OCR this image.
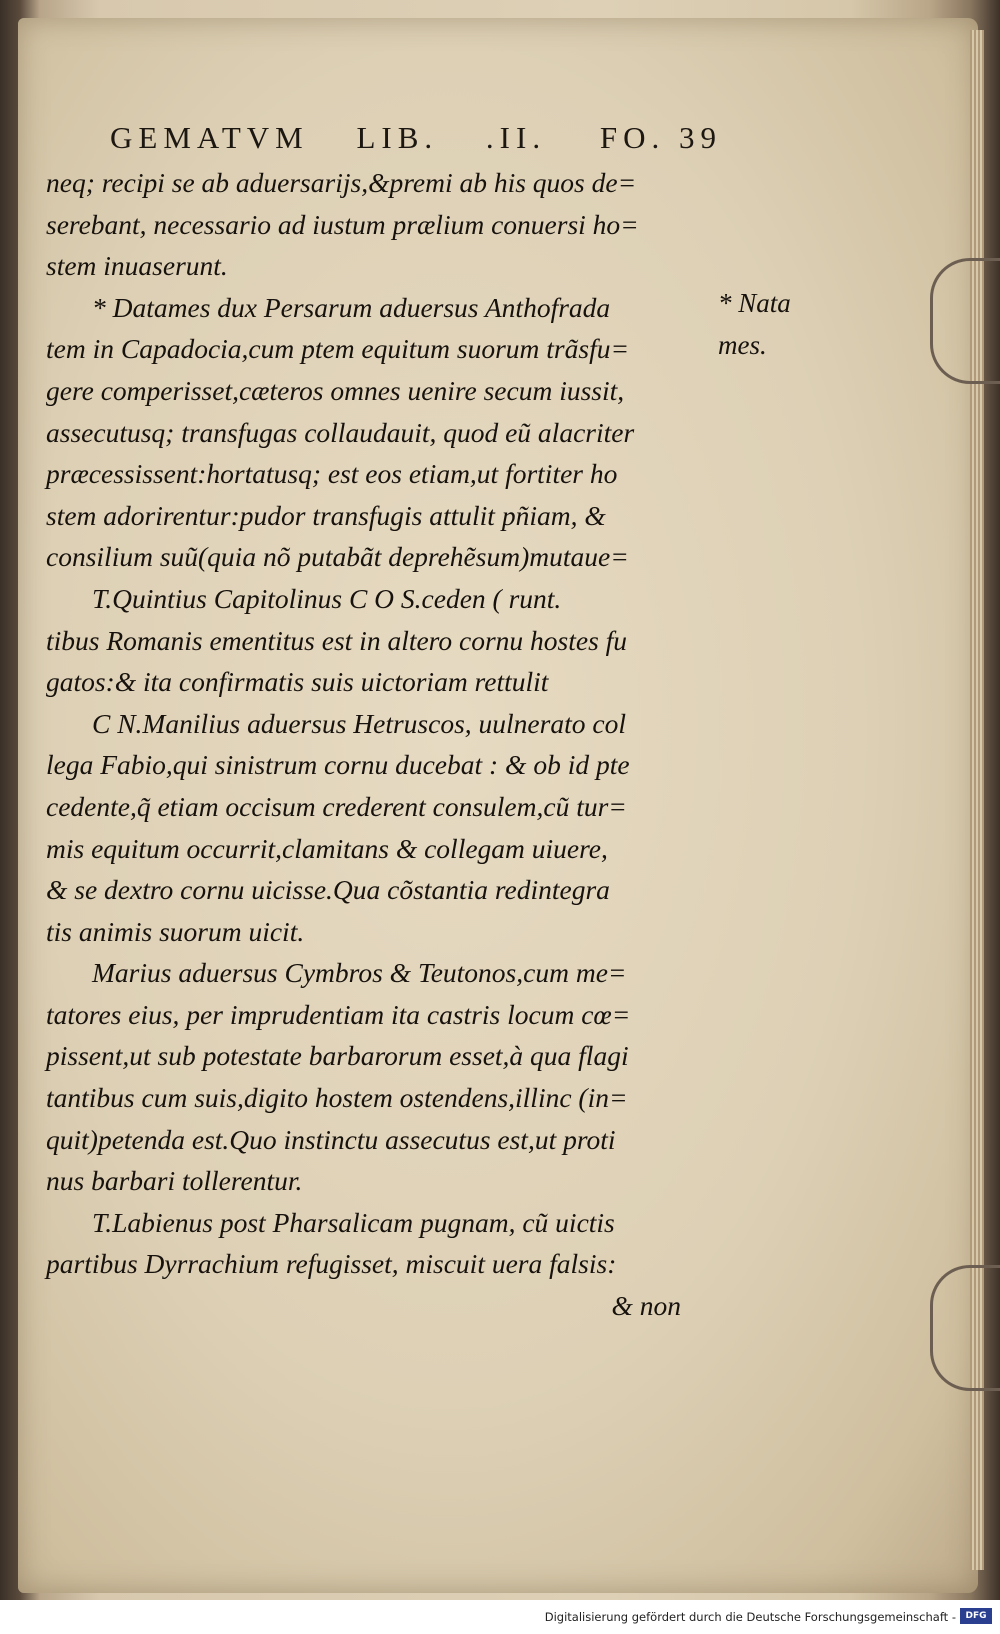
GEMATVM LIB. .II. FO. 39
neq; recipi se ab aduersarijs,&premi ab his quos de=
serebant, necessario ad iustum prælium conuersi ho=
stem inuaserunt.
* Datames dux Persarum aduersus Anthofrada
tem in Capadocia,cum ptem equitum suorum trãsfu=
gere comperisset,cæteros omnes uenire secum iussit,
assecutusq; transfugas collaudauit, quod eũ alacriter
præcessissent:hortatusq; est eos etiam,ut fortiter ho
stem adorirentur:pudor transfugis attulit pñiam, &
consilium suũ(quia nõ putabãt deprehẽsum)mutaue=
T.Quintius Capitolinus C O S.ceden ( runt.
tibus Romanis ementitus est in altero cornu hostes fu
gatos:& ita confirmatis suis uictoriam rettulit
C N.Manilius aduersus Hetruscos, uulnerato col
lega Fabio,qui sinistrum cornu ducebat : & ob id pte
cedente,q̃ etiam occisum crederent consulem,cũ tur=
mis equitum occurrit,clamitans & collegam uiuere,
& se dextro cornu uicisse.Qua cõstantia redintegra
tis animis suorum uicit.
Marius aduersus Cymbros & Teutonos,cum me=
tatores eius, per imprudentiam ita castris locum cœ=
pissent,ut sub potestate barbarorum esset,à qua flagi
tantibus cum suis,digito hostem ostendens,illinc (in=
quit)petenda est.Quo instinctu assecutus est,ut proti
nus barbari tollerentur.
T.Labienus post Pharsalicam pugnam, cũ uictis
partibus Dyrrachium refugisset, miscuit uera falsis:
& non
* Nata
mes.
Digitalisierung gefördert durch die Deutsche Forschungsgemeinschaft -	DFG
